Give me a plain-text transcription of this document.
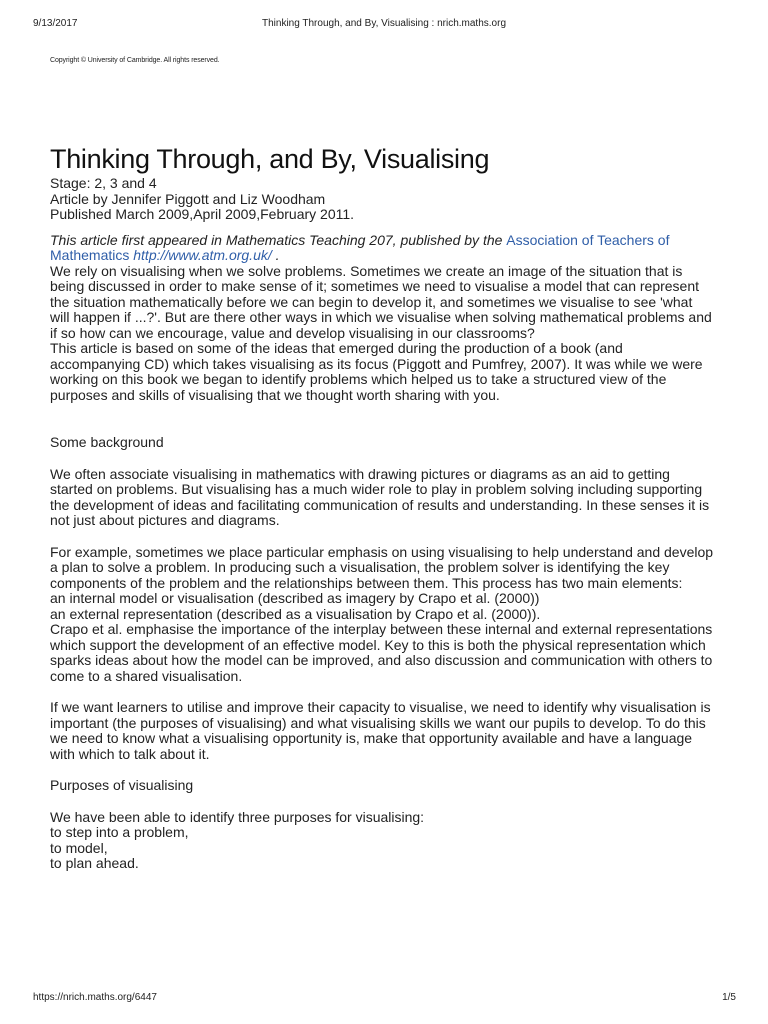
9/13/2017	Thinking Through, and By, Visualising : nrich.maths.org
Copyright © University of Cambridge. All rights reserved.
Thinking Through, and By, Visualising
Stage: 2, 3 and 4
Article by Jennifer Piggott and Liz Woodham
Published March 2009,April 2009,February 2011.
This article first appeared in Mathematics Teaching 207, published by the Association of Teachers of Mathematics http://www.atm.org.uk/ .

We rely on visualising when we solve problems. Sometimes we create an image of the situation that is being discussed in order to make sense of it; sometimes we need to visualise a model that can represent the situation mathematically before we can begin to develop it, and sometimes we visualise to see 'what will happen if ...?'. But are there other ways in which we visualise when solving mathematical problems and if so how can we encourage, value and develop visualising in our classrooms?

This article is based on some of the ideas that emerged during the production of a book (and accompanying CD) which takes visualising as its focus (Piggott and Pumfrey, 2007). It was while we were working on this book we began to identify problems which helped us to take a structured view of the purposes and skills of visualising that we thought worth sharing with you.

Some background

We often associate visualising in mathematics with drawing pictures or diagrams as an aid to getting started on problems. But visualising has a much wider role to play in problem solving including supporting the development of ideas and facilitating communication of results and understanding. In these senses it is not just about pictures and diagrams.

For example, sometimes we place particular emphasis on using visualising to help understand and develop a plan to solve a problem. In producing such a visualisation, the problem solver is identifying the key components of the problem and the relationships between them. This process has two main elements:

an internal model or visualisation (described as imagery by Crapo et al. (2000))
an external representation (described as a visualisation by Crapo et al. (2000)).

Crapo et al. emphasise the importance of the interplay between these internal and external representations which support the development of an effective model. Key to this is both the physical representation which sparks ideas about how the model can be improved, and also discussion and communication with others to come to a shared visualisation.

If we want learners to utilise and improve their capacity to visualise, we need to identify why visualisation is important (the purposes of visualising) and what visualising skills we want our pupils to develop. To do this we need to know what a visualising opportunity is, make that opportunity available and have a language with which to talk about it.

Purposes of visualising

We have been able to identify three purposes for visualising:

to step into a problem,
to model,
to plan ahead.
https://nrich.maths.org/6447	1/5
